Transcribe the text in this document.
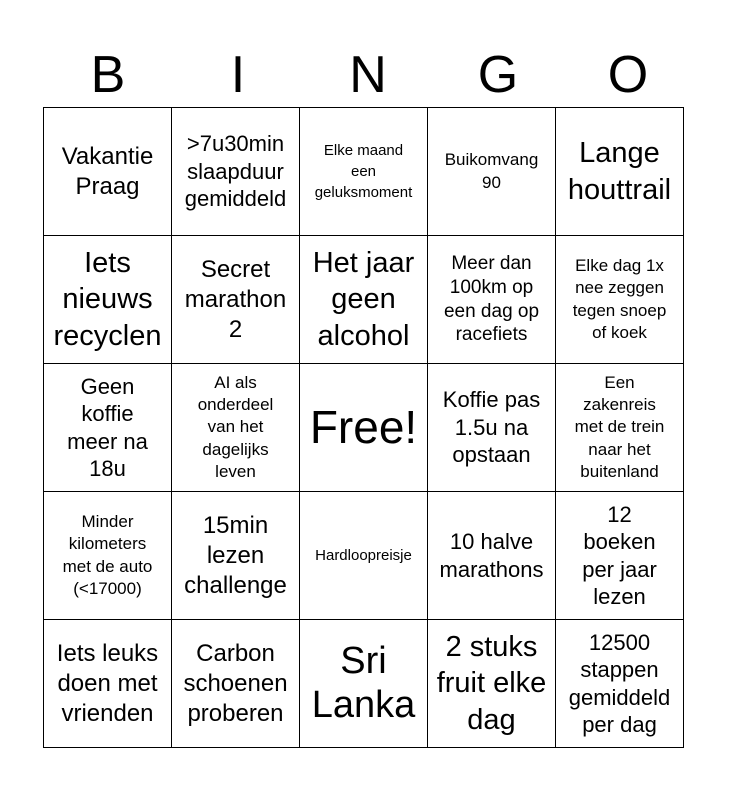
B	I	N	G	O
Vakantie
Praag	>7u30min
slaapduur
gemiddeld	Elke maand
een
geluksmoment	Buikomvang
90	Lange
houttrail

Iets
nieuws
recyclen	Secret
marathon
2	Het jaar
geen
alcohol	Meer dan
100km op
een dag op
racefiets	Elke dag 1x
nee zeggen
tegen snoep
of koek

Geen
koffie
meer na
18u	AI als
onderdeel
van het
dagelijks
leven	Free!	Koffie pas
1.5u na
opstaan	Een
zakenreis
met de trein
naar het
buitenland

Minder
kilometers
met de auto
(<17000)	15min
lezen
challenge	Hardloopreisje	10 halve
marathons	12
boeken
per jaar
lezen

Iets leuks
doen met
vrienden	Carbon
schoenen
proberen	Sri
Lanka	2 stuks
fruit elke
dag	12500
stappen
gemiddeld
per dag
